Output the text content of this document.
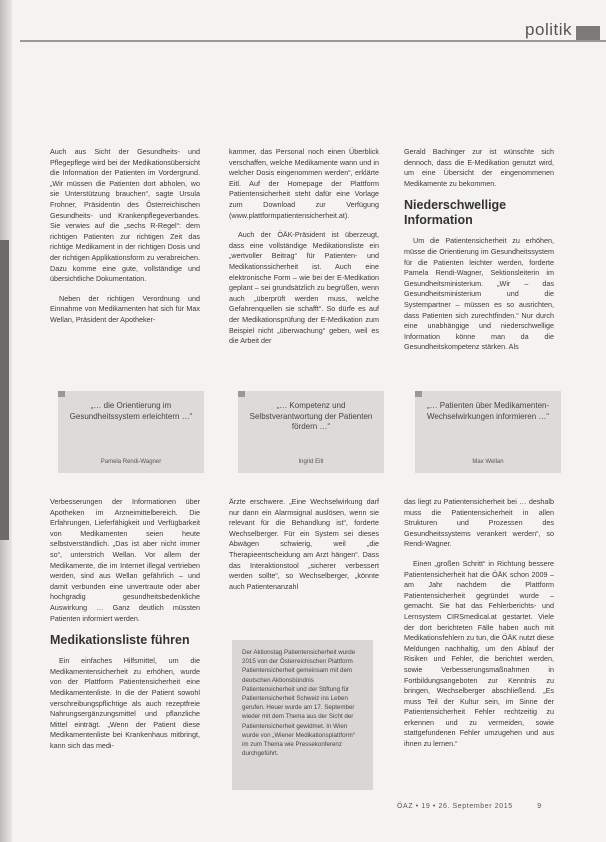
politik

Auch aus Sicht der Gesundheits- und Pflegepflege wird bei der Medikationsübersicht die Information der Patienten im Vordergrund. „Wir müssen die Patienten dort abholen, wo sie Unterstützung brauchen“, sagte Ursula Frohner, Präsidentin des Österreichischen Gesundheits- und Krankenpflegeverbandes. Sie verwies auf die „sechs R-Regel“: dem richtigen Patienten zur richtigen Zeit das richtige Medikament in der richtigen Dosis und der richtigen Applikationsform zu verabreichen. Dazu komme eine gute, vollständige und übersichtliche Dokumentation.

Neben der richtigen Verordnung und Einnahme von Medikamenten hat sich für Max Wellan, Präsident der Apotheker-

kammer, das Personal noch einen Überblick verschaffen, welche Medikamente wann und in welcher Dosis eingenommen werden“, erklärte Eitl. Auf der Homepage der Plattform Patientensicherheit steht dafür eine Vorlage zum Download zur Verfügung (www.plattformpatientensicherheit.at).

Auch der ÖÄK-Präsident ist überzeugt, dass eine vollständige Medikationsliste ein „wertvoller Beitrag“ für Patienten- und Medikationssicherheit ist. Auch eine elektronische Form – wie bei der E-Medikation geplant – sei grundsätzlich zu begrüßen, wenn auch „überprüft werden muss, welche Gefahrenquellen sie schafft“. So dürfe es auf der Medikationsprüfung der E-Medikation zum Beispiel nicht „überwachung“ geben, weil es die Arbeit der

Gerald Bachinger zur ist wünschte sich dennoch, dass die E-Medikation genutzt wird, um eine Übersicht der eingenommenen Medikamente zu bekommen.

Niederschwellige Information

Um die Patientensicherheit zu erhöhen, müsse die Orientierung im Gesundheitssystem für die Patienten leichter werden, forderte Pamela Rendi-Wagner, Sektionsleiterin im Gesundheitsministerium. „Wir – das Gesundheitsministerium und die Systempartner – müssen es so ausrichten, dass Patienten sich zurechtfinden.“ Nur durch eine unabhängige und niederschwellige Information könne man da die Gesundheitskompetenz stärken. Als

„… die Orientierung im Gesundheitssystem erleichtern …“
Pamela Rendi-Wagner
„… Kompetenz und Selbstverantwortung der Patienten fördern …“
Ingrid Eitl
„… Patienten über Medikamenten-Wechselwirkungen informieren …“
Max Wellan

Verbesserungen der Informationen über Apotheken im Arzneimittelbereich. Die Erfahrungen, Lieferfähigkeit und Verfügbarkeit von Medikamenten seien heute selbstverständlich. „Das ist aber nicht immer so“, unterstrich Wellan. Vor allem der Medikamente, die im Internet illegal vertrieben werden, sind aus Wellan gefährlich – und damit verbunden eine unvertraute oder aber hochgradig gesundheitsbedenkliche Auswirkung … Ganz deutlich müssten Patienten informiert werden.

Medikationsliste führen

Ein einfaches Hilfsmittel, um die Medikamentensicherheit zu erhöhen, wurde von der Plattform Patientensicherheit eine Medikamentenliste. In die der Patient sowohl verschreibungspflichtige als auch rezeptfreie Nahrungsergänzungsmittel und pflanzliche Mittel einträgt. „Wenn der Patient diese Medikamentenliste bei Krankenhaus mitbringt, kann sich das medi-

Ärzte erschwere. „Eine Wechselwirkung darf nur dann ein Alarmsignal auslösen, wenn sie relevant für die Behandlung ist“, forderte Wechselberger. Für ein System sei dieses Abwägen schwierig, weil „die Therapieentscheidung am Arzt hängen“. Dass das Interaktionstool „sicherer verbessert werden sollte“, so Wechselberger, „könnte auch Patientenanzahl

Der Aktionstag Patientensicherheit wurde 2015 von der Österreichischen Plattform Patientensicherheit gemeinsam mit dem deutschen Aktionsbündnis Patientensicherheit und der Stiftung für Patientensicherheit Schweiz ins Leben gerufen. Heuer wurde am 17. September wieder mit dem Thema aus der Sicht der Patientensicherheit gewidmet. In Wien wurde von „Wiener Medikationsplattform“ im zum Thema wie Pressekonferenz durchgeführt.

das liegt zu Patientensicherheit bei … deshalb muss die Patientensicherheit in allen Strukturen und Prozessen des Gesundheitssystems verankert werden“, so Rendi-Wagner.

Einen „großen Schritt“ in Richtung bessere Patientensicherheit hat die ÖÄK schon 2009 – am Jahr nachdem die Plattform Patientensicherheit gegründet wurde – gemacht. Sie hat das Fehlerberichts- und Lernsystem CIRSmedical.at gestartet. Viele der dort berichteten Fälle haben auch mit Medikationsfehlern zu tun, die ÖÄK nutzt diese Meldungen nachhaltig, um den Ablauf der Risiken und Fehler, die berichtet werden, sowie Verbesserungsmaßnahmen in Fortbildungsangeboten zur Kenntnis zu bringen, Wechselberger abschließend. „Es muss Teil der Kultur sein, im Sinne der Patientensicherheit Fehler rechtzeitig zu erkennen und zu vermeiden, sowie stattgefundenen Fehler umzugehen und aus ihnen zu lernen.“

ÖAZ • 19 • 26. September 2015	9
